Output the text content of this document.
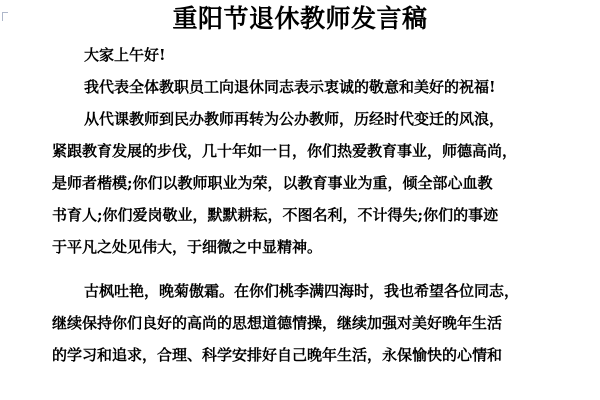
重阳节退休教师发言稿
大家上午好!
我代表全体教职员工向退休同志表示衷诚的敬意和美好的祝福!
从代课教师到民办教师再转为公办教师，历经时代变迁的风浪，
紧跟教育发展的步伐，几十年如一日，你们热爱教育事业，师德高尚，
是师者楷模;你们以教师职业为荣，以教育事业为重，倾全部心血教
书育人;你们爱岗敬业，默默耕耘，不图名利，不计得失;你们的事迹
于平凡之处见伟大，于细微之中显精神。
古枫吐艳，晚菊傲霜。在你们桃李满四海时，我也希望各位同志，
继续保持你们良好的高尚的思想道德情操，继续加强对美好晚年生活
的学习和追求，合理、科学安排好自己晚年生活，永保愉快的心情和
